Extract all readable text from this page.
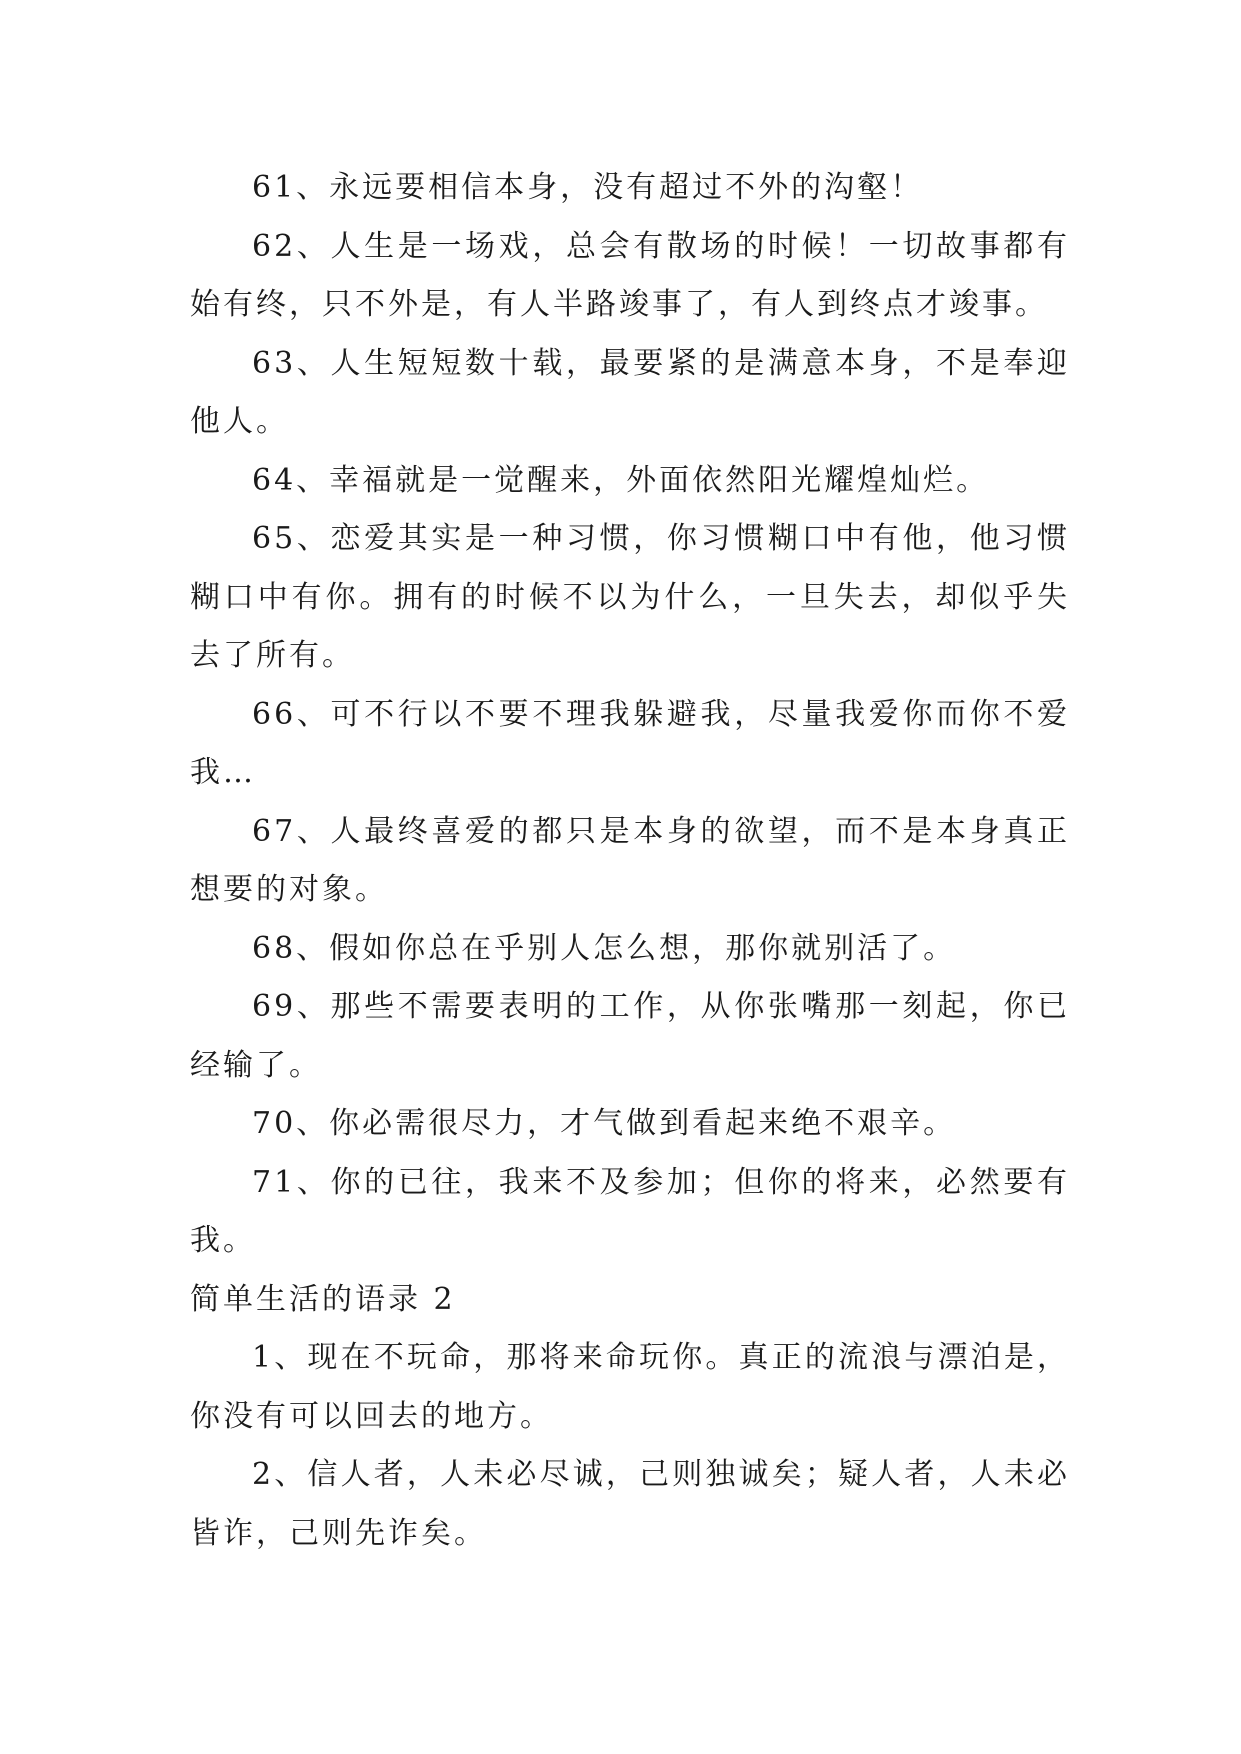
61、永远要相信本身，没有超过不外的沟壑！

62、人生是一场戏，总会有散场的时候！一切故事都有始有终，只不外是，有人半路竣事了，有人到终点才竣事。

63、人生短短数十载，最要紧的是满意本身，不是奉迎他人。

64、幸福就是一觉醒来，外面依然阳光耀煌灿烂。

65、恋爱其实是一种习惯，你习惯糊口中有他，他习惯糊口中有你。拥有的时候不以为什么，一旦失去，却似乎失去了所有。

66、可不行以不要不理我躲避我，尽量我爱你而你不爱我…

67、人最终喜爱的都只是本身的欲望，而不是本身真正想要的对象。

68、假如你总在乎别人怎么想，那你就别活了。

69、那些不需要表明的工作，从你张嘴那一刻起，你已经输了。

70、你必需很尽力，才气做到看起来绝不艰辛。

71、你的已往，我来不及参加；但你的将来，必然要有我。

简单生活的语录 2

1、现在不玩命，那将来命玩你。真正的流浪与漂泊是，你没有可以回去的地方。

2、信人者，人未必尽诚，己则独诚矣；疑人者，人未必皆诈，己则先诈矣。
